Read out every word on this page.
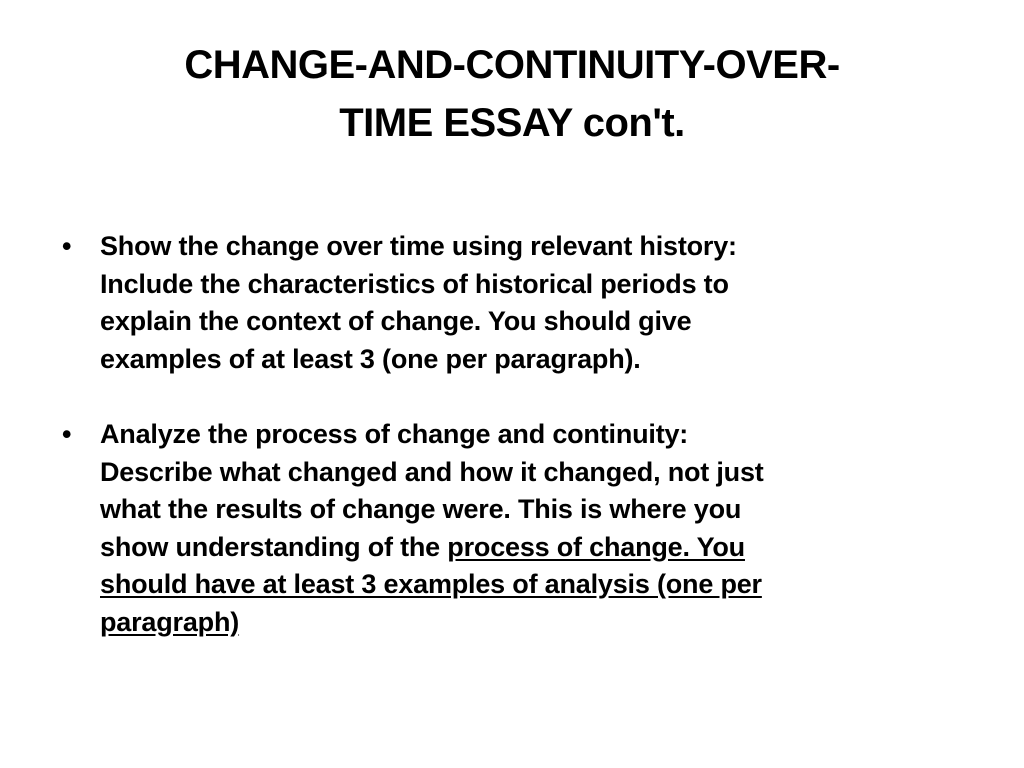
CHANGE-AND-CONTINUITY-OVER-
TIME ESSAY con't.
•	Show the change over time using relevant history:
Include the characteristics of historical periods to
explain the context of change. You should give
examples of at least 3 (one per paragraph).
•	Analyze the process of change and continuity:
Describe what changed and how it changed, not just
what the results of change were. This is where you
show understanding of the process of change. You
should have at least 3 examples of analysis (one per
paragraph)
